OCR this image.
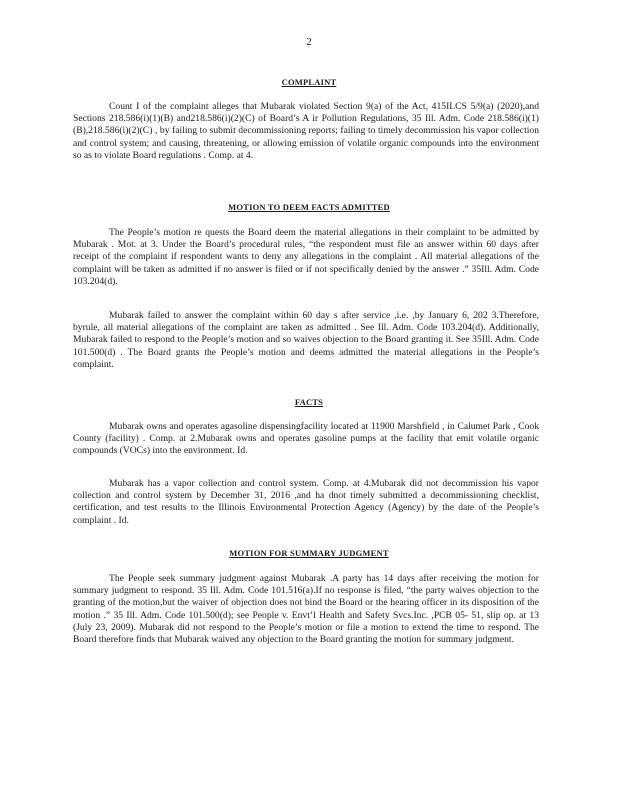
2
COMPLAINT

Count I of the complaint alleges that Mubarak violated Section 9(a) of the Act, 415ILCS 5/9(a) (2020),and Sections 218.586(i)(1)(B) and218.586(i)(2)(C) of Board’s A ir Pollution Regulations, 35 Ill. Adm. Code 218.586(i)(1)(B),218.586(i)(2)(C) , by failing to submit decommissioning reports; failing to timely decommission his vapor collection and control system; and causing, threatening, or allowing emission of volatile organic compounds into the environment so as to violate Board regulations . Comp. at 4.

MOTION TO DEEM FACTS ADMITTED

The People’s motion re quests the Board deem the material allegations in their complaint to be admitted by Mubarak . Mot. at 3. Under the Board’s procedural rules, “the respondent must file an answer within 60 days after receipt of the complaint if respondent wants to deny any allegations in the complaint . All material allegations of the complaint will be taken as admitted if no answer is filed or if not specifically denied by the answer .” 35Ill. Adm. Code 103.204(d).

Mubarak failed to answer the complaint within 60 day s after service ,i.e. ,by January 6, 202 3.Therefore, byrule, all material allegations of the complaint are taken as admitted . See Ill. Adm. Code 103.204(d). Additionally, Mubarak failed to respond to the People’s motion and so waives objection to the Board granting it. See 35Ill. Adm. Code 101.500(d) . The Board grants the People’s motion and deems admitted the material allegations in the People’s complaint.

FACTS

Mubarak owns and operates agasoline dispensingfacility located at 11900 Marshfield , in Calumet Park , Cook County (facility) . Comp. at 2.Mubarak owns and operates gasoline pumps at the facility that emit volatile organic compounds (VOCs) into the environment. Id.

Mubarak has a vapor collection and control system. Comp. at 4.Mubarak did not decommission his vapor collection and control system by December 31, 2016 ,and ha dnot timely submitted a decommissioning checklist, certification, and test results to the Illinois Environmental Protection Agency (Agency) by the date of the People’s complaint . Id.

MOTION FOR SUMMARY JUDGMENT

The People seek summary judgment against Mubarak .A party has 14 days after receiving the motion for summary judgment to respond. 35 Ill. Adm. Code 101.516(a).If no response is filed, “the party waives objection to the granting of the motion,but the waiver of objection does not bind the Board or the hearing officer in its disposition of the motion .” 35 Ill. Adm. Code 101.500(d); see People v. Envt’l Health and Safety Svcs.Inc. ,PCB 05- 51, slip op. at 13 (July 23, 2009). Mubarak did not respond to the People’s motion or file a motion to extend the time to respond. The Board therefore finds that Mubarak waived any objection to the Board granting the motion for summary judgment.
